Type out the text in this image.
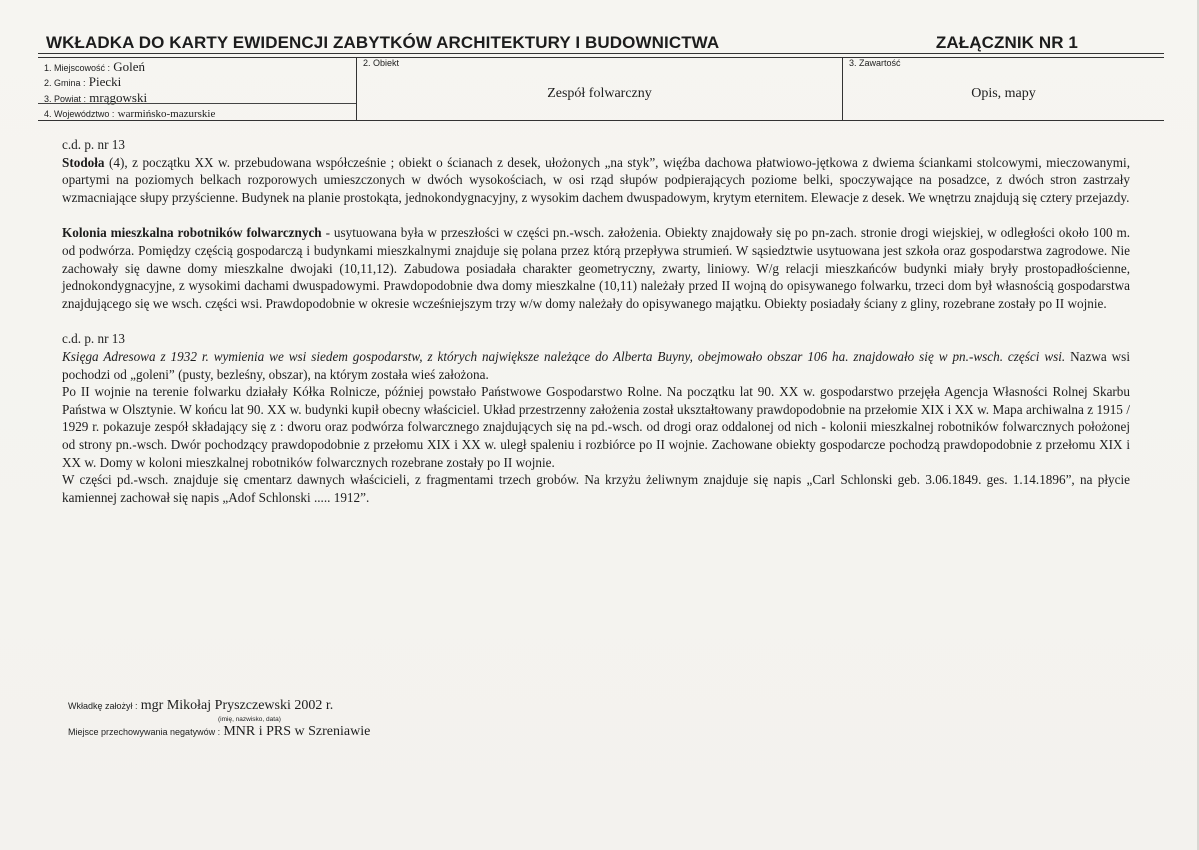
WKŁADKA DO KARTY EWIDENCJI ZABYTKÓW ARCHITEKTURY I BUDOWNICTWA	ZAŁĄCZNIK NR 1
1. Miejscowość : Goleń
2. Gmina : Piecki
3. Powiat : mrągowski
4. Województwo : warmińsko-mazurskie
2. Obiekt
Zespół folwarczny
3. Zawartość
Opis, mapy

c.d. p. nr 13

Stodoła (4), z początku XX w. przebudowana współcześnie ; obiekt o ścianach z desek, ułożonych „na styk”, więźba dachowa płatwiowo-jętkowa z dwiema ściankami stolcowymi, mieczowanymi, opartymi na poziomych belkach rozporowych umieszczonych w dwóch wysokościach, w osi rząd słupów podpierających poziome belki, spoczywające na posadzce, z dwóch stron zastrzały wzmacniające słupy przyścienne. Budynek na planie prostokąta, jednokondygnacyjny, z wysokim dachem dwuspadowym, krytym eternitem. Elewacje z desek. We wnętrzu znajdują się cztery przejazdy.

Kolonia mieszkalna robotników folwarcznych - usytuowana była w przeszłości w części pn.-wsch. założenia. Obiekty znajdowały się po pn-zach. stronie drogi wiejskiej, w odległości około 100 m. od podwórza. Pomiędzy częścią gospodarczą i budynkami mieszkalnymi znajduje się polana przez którą przepływa strumień. W sąsiedztwie usytuowana jest szkoła oraz gospodarstwa zagrodowe. Nie zachowały się dawne domy mieszkalne dwojaki (10,11,12). Zabudowa posiadała charakter geometryczny, zwarty, liniowy. W/g relacji mieszkańców budynki miały bryły prostopadłościenne, jednokondygnacyjne, z wysokimi dachami dwuspadowymi. Prawdopodobnie dwa domy mieszkalne (10,11) należały przed II wojną do opisywanego folwarku, trzeci dom był własnością gospodarstwa znajdującego się we wsch. części wsi. Prawdopodobnie w okresie wcześniejszym trzy w/w domy należały do opisywanego majątku. Obiekty posiadały ściany z gliny, rozebrane zostały po II wojnie.

c.d. p. nr 13

Księga Adresowa z 1932 r. wymienia we wsi siedem gospodarstw, z których największe należące do Alberta Buyny, obejmowało obszar 106 ha. znajdowało się w pn.-wsch. części wsi. Nazwa wsi pochodzi od „goleni” (pusty, bezleśny, obszar), na którym została wieś założona.

Po II wojnie na terenie folwarku działały Kółka Rolnicze, później powstało Państwowe Gospodarstwo Rolne. Na początku lat 90. XX w. gospodarstwo przejęła Agencja Własności Rolnej Skarbu Państwa w Olsztynie. W końcu lat 90. XX w. budynki kupił obecny właściciel. Układ przestrzenny założenia został ukształtowany prawdopodobnie na przełomie XIX i XX w. Mapa archiwalna z 1915 / 1929 r. pokazuje zespół składający się z : dworu oraz podwórza folwarcznego znajdujących się na pd.-wsch. od drogi oraz oddalonej od nich - kolonii mieszkalnej robotników folwarcznych położonej od strony pn.-wsch. Dwór pochodzący prawdopodobnie z przełomu XIX i XX w. uległ spaleniu i rozbiórce po II wojnie. Zachowane obiekty gospodarcze pochodzą prawdopodobnie z przełomu XIX i XX w. Domy w koloni mieszkalnej robotników folwarcznych rozebrane zostały po II wojnie.

W części pd.-wsch. znajduje się cmentarz dawnych właścicieli, z fragmentami trzech grobów. Na krzyżu żeliwnym znajduje się napis „Carl Schlonski geb. 3.06.1849. ges. 1.14.1896”, na płycie kamiennej zachował się napis „Adof Schlonski ..... 1912”.

Wkładkę założył : mgr Mikołaj Pryszczewski 2002 r.
(imię, nazwisko, data)
Miejsce przechowywania negatywów : MNR i PRS w Szreniawie
